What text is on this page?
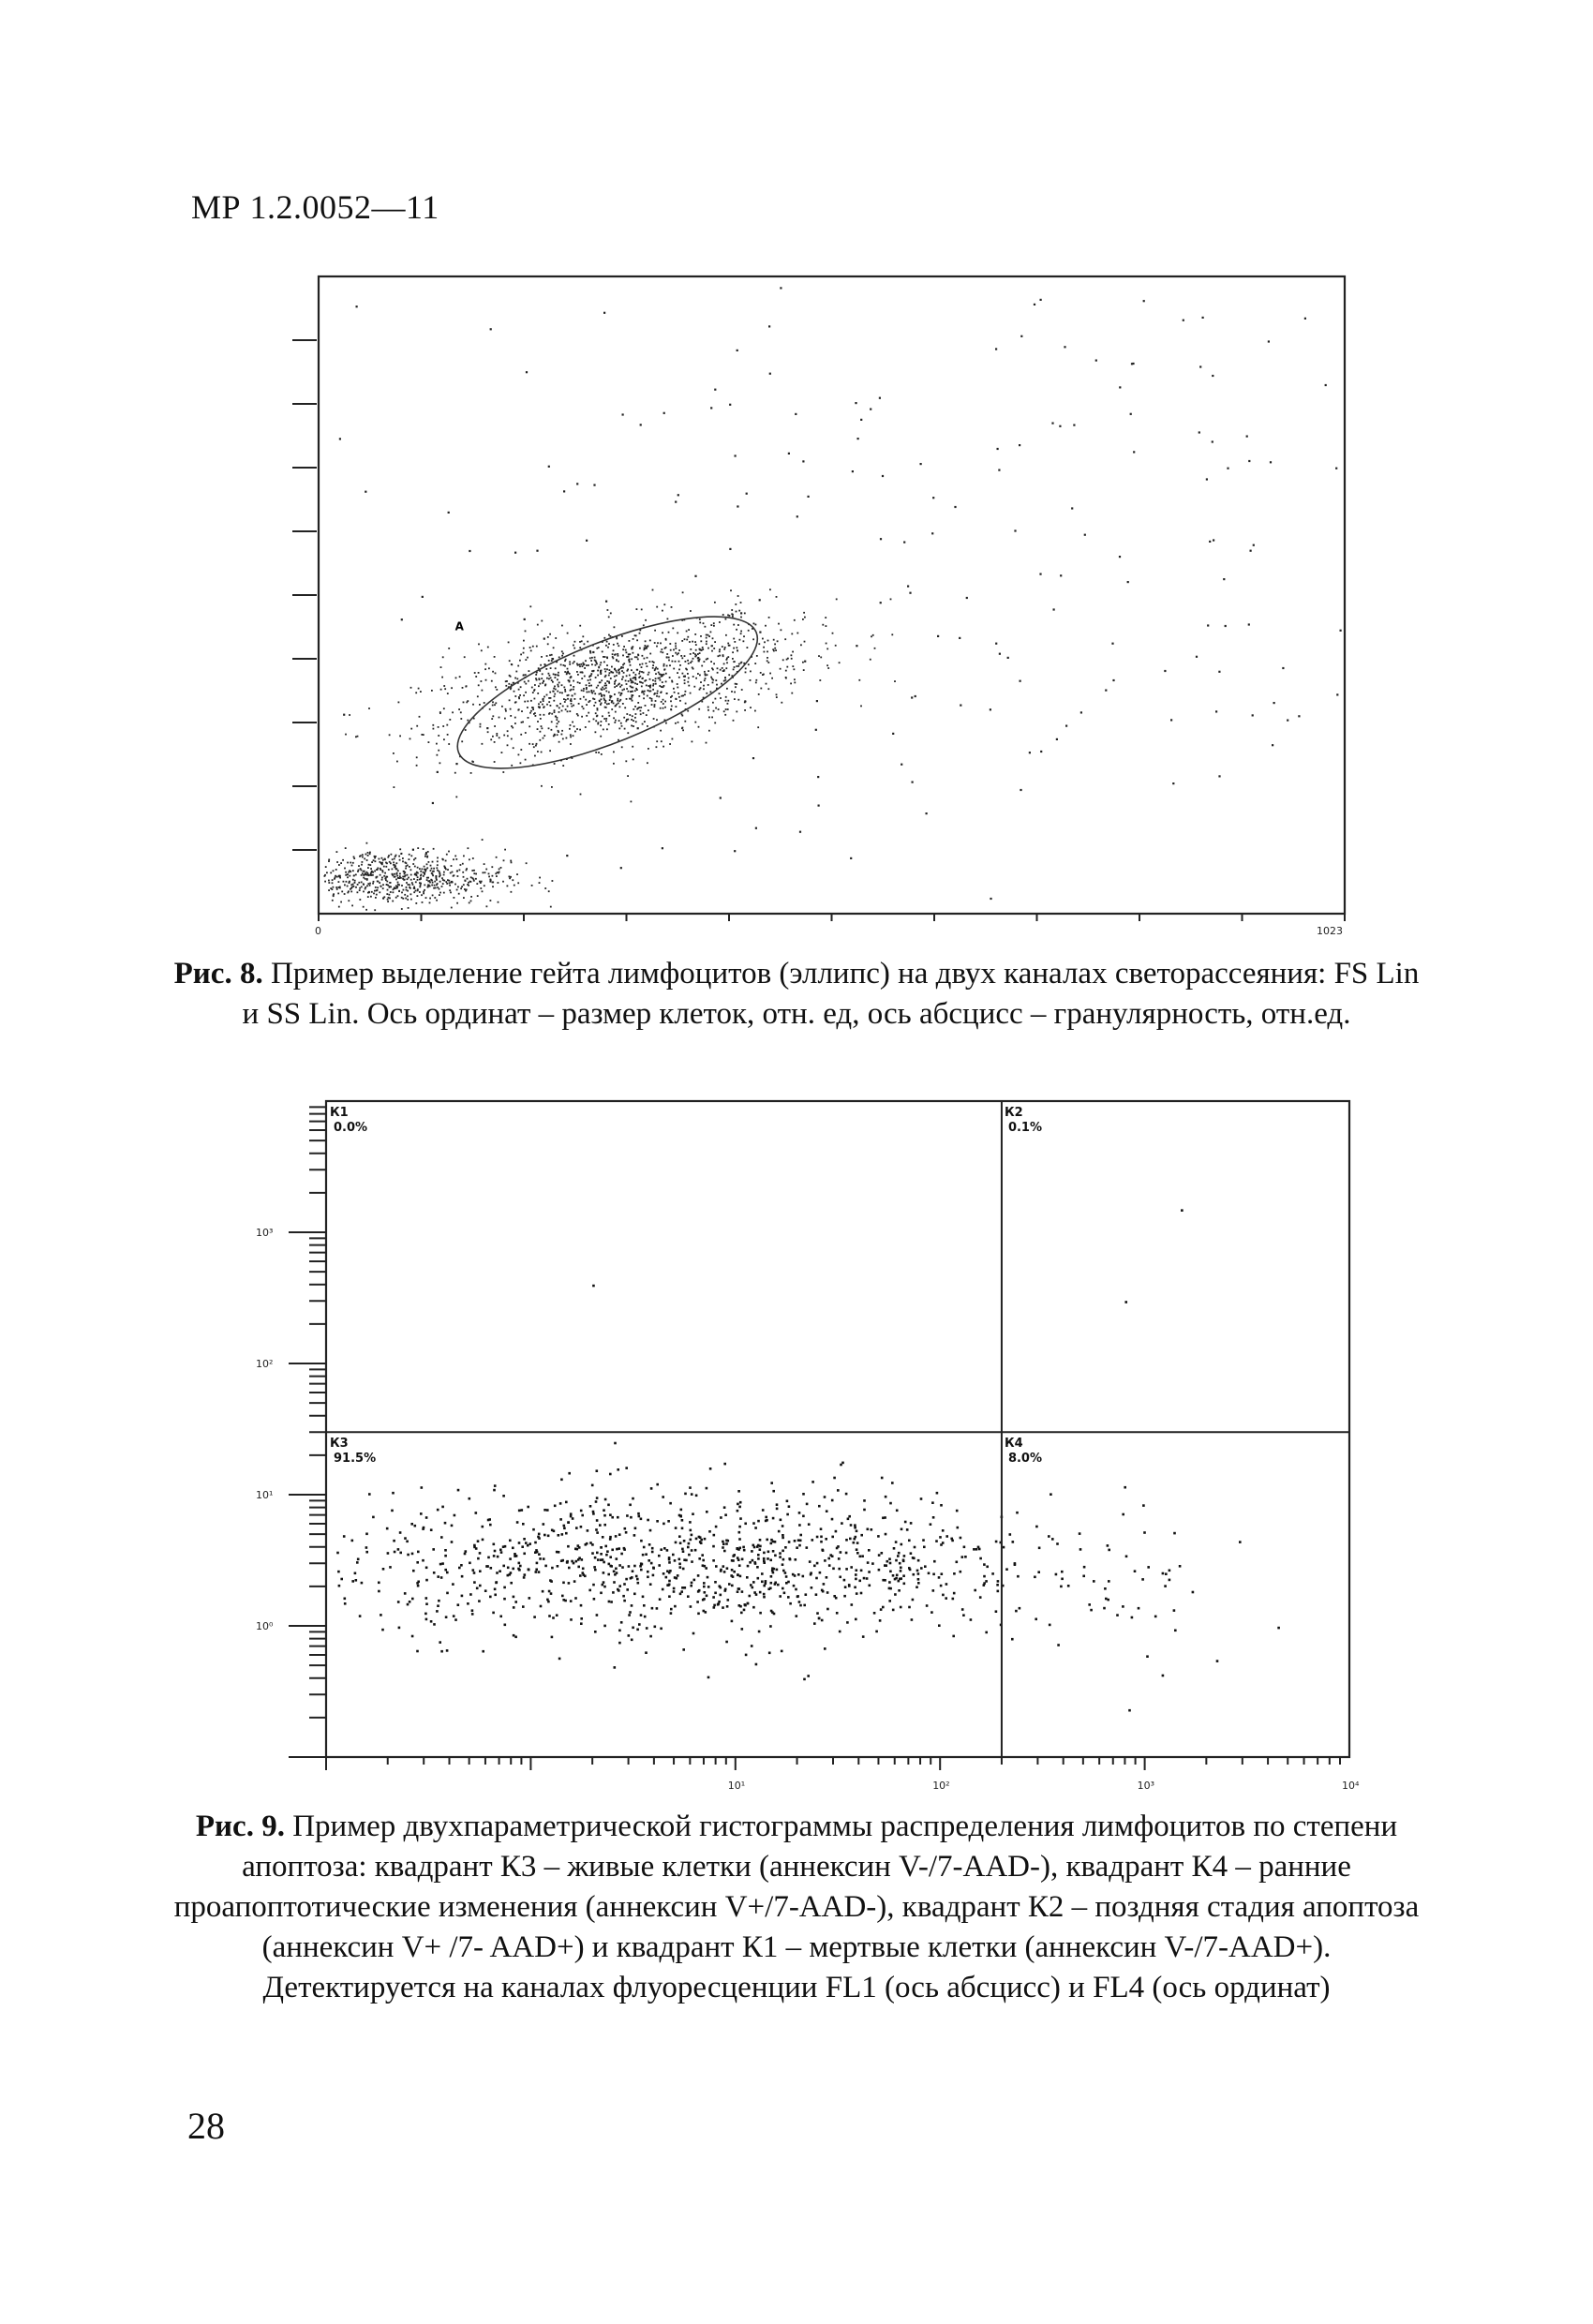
МР 1.2.0052—11
A
0	1023
Рис. 8. Пример выделение гейта лимфоцитов (эллипс) на двух каналах светорассеяния: FS Lin и SS Lin. Ось ординат – размер клеток, отн. ед, ось абсцисс – гранулярность, отн.ед.
К1
0.0%
К2
0.1%
К3
91.5%
К4
8.0%
10³
10²
10¹
10⁰
10¹	10²	10³	10⁴
Рис. 9. Пример двухпараметрической гистограммы распределения лимфоцитов по степени апоптоза: квадрант К3 – живые клетки (аннексин V-/7-AAD-), квадрант К4 – ранние проапоптотические изменения (аннексин V+/7-AAD-), квадрант К2 – поздняя стадия апоптоза (аннексин V+ /7- AAD+) и квадрант К1 – мертвые клетки (аннексин V-/7-AAD+). Детектируется на каналах флуоресценции FL1 (ось абсцисс) и FL4 (ось ординат)
28
